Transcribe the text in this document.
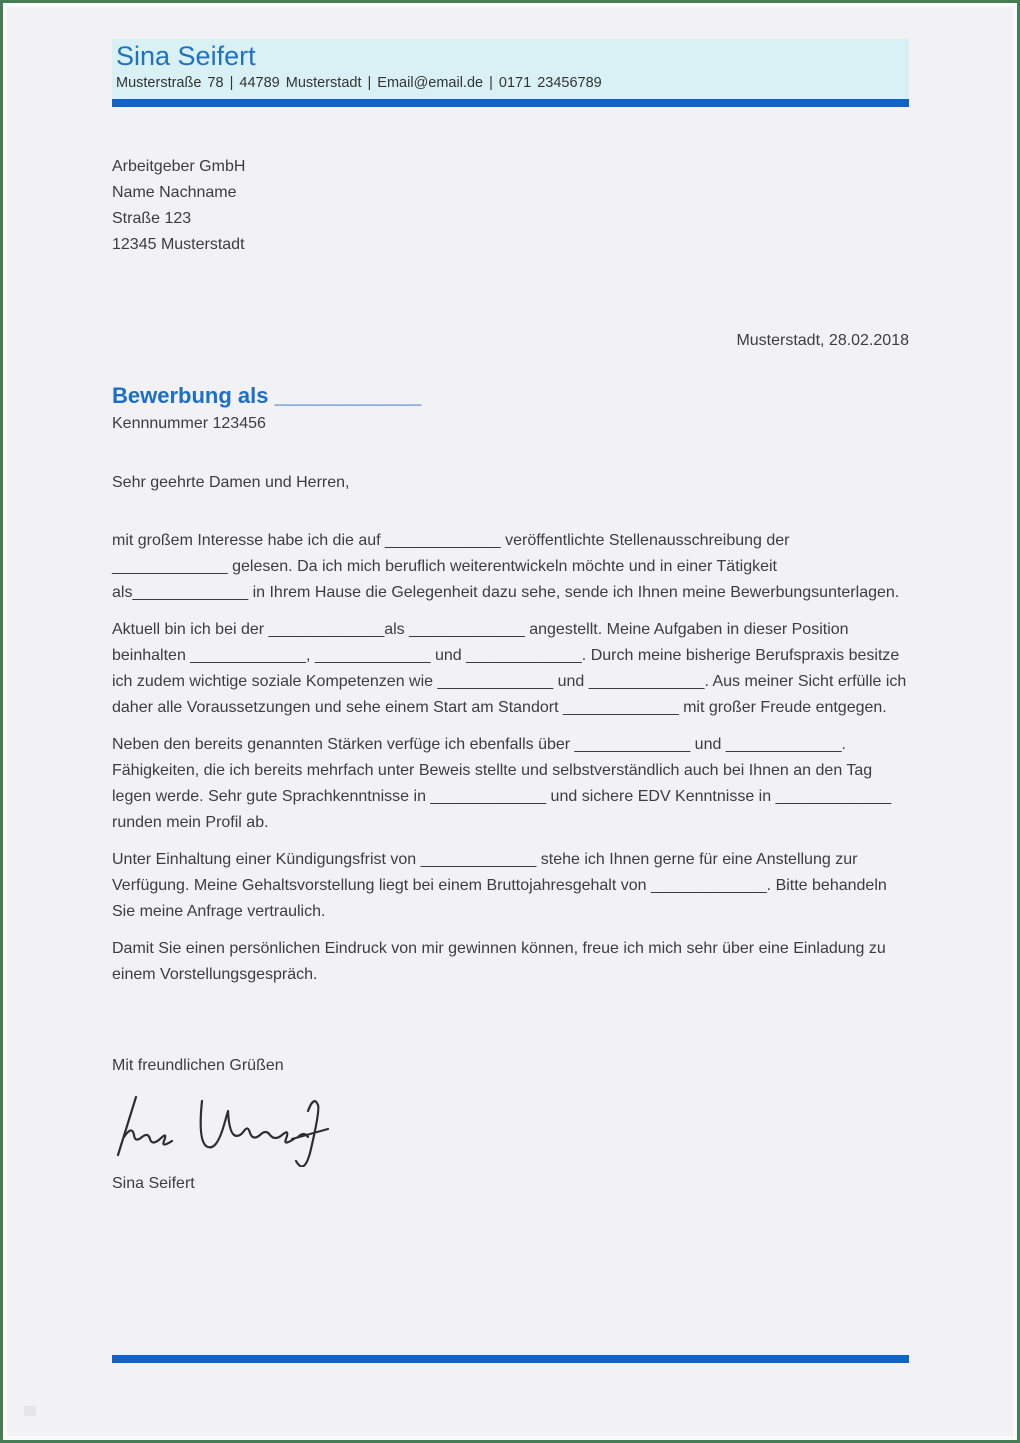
Sina Seifert
Musterstraße 78 | 44789 Musterstadt | Email@email.de | 0171 23456789
Arbeitgeber GmbH
Name Nachname
Straße 123
12345 Musterstadt
Musterstadt, 28.02.2018
Bewerbung als ____________
Kennnummer 123456
Sehr geehrte Damen und Herren,

mit großem Interesse habe ich die auf _____________ veröffentlichte Stellenausschreibung der _____________ gelesen. Da ich mich beruflich weiterentwickeln möchte und in einer Tätigkeit als_____________ in Ihrem Hause die Gelegenheit dazu sehe, sende ich Ihnen meine Bewerbungsunterlagen.

Aktuell bin ich bei der _____________als _____________ angestellt. Meine Aufgaben in dieser Position beinhalten _____________, _____________ und _____________. Durch meine bisherige Berufspraxis besitze ich zudem wichtige soziale Kompetenzen wie _____________ und _____________. Aus meiner Sicht erfülle ich daher alle Voraussetzungen und sehe einem Start am Standort _____________ mit großer Freude entgegen.

Neben den bereits genannten Stärken verfüge ich ebenfalls über _____________ und _____________. Fähigkeiten, die ich bereits mehrfach unter Beweis stellte und selbstverständlich auch bei Ihnen an den Tag legen werde. Sehr gute Sprachkenntnisse in _____________ und sichere EDV Kenntnisse in _____________ runden mein Profil ab.

Unter Einhaltung einer Kündigungsfrist von _____________ stehe ich Ihnen gerne für eine Anstellung zur Verfügung. Meine Gehaltsvorstellung liegt bei einem Bruttojahresgehalt von _____________. Bitte behandeln Sie meine Anfrage vertraulich.

Damit Sie einen persönlichen Eindruck von mir gewinnen können, freue ich mich sehr über eine Einladung zu einem Vorstellungsgespräch.

Mit freundlichen Grüßen
Sina Seifert
